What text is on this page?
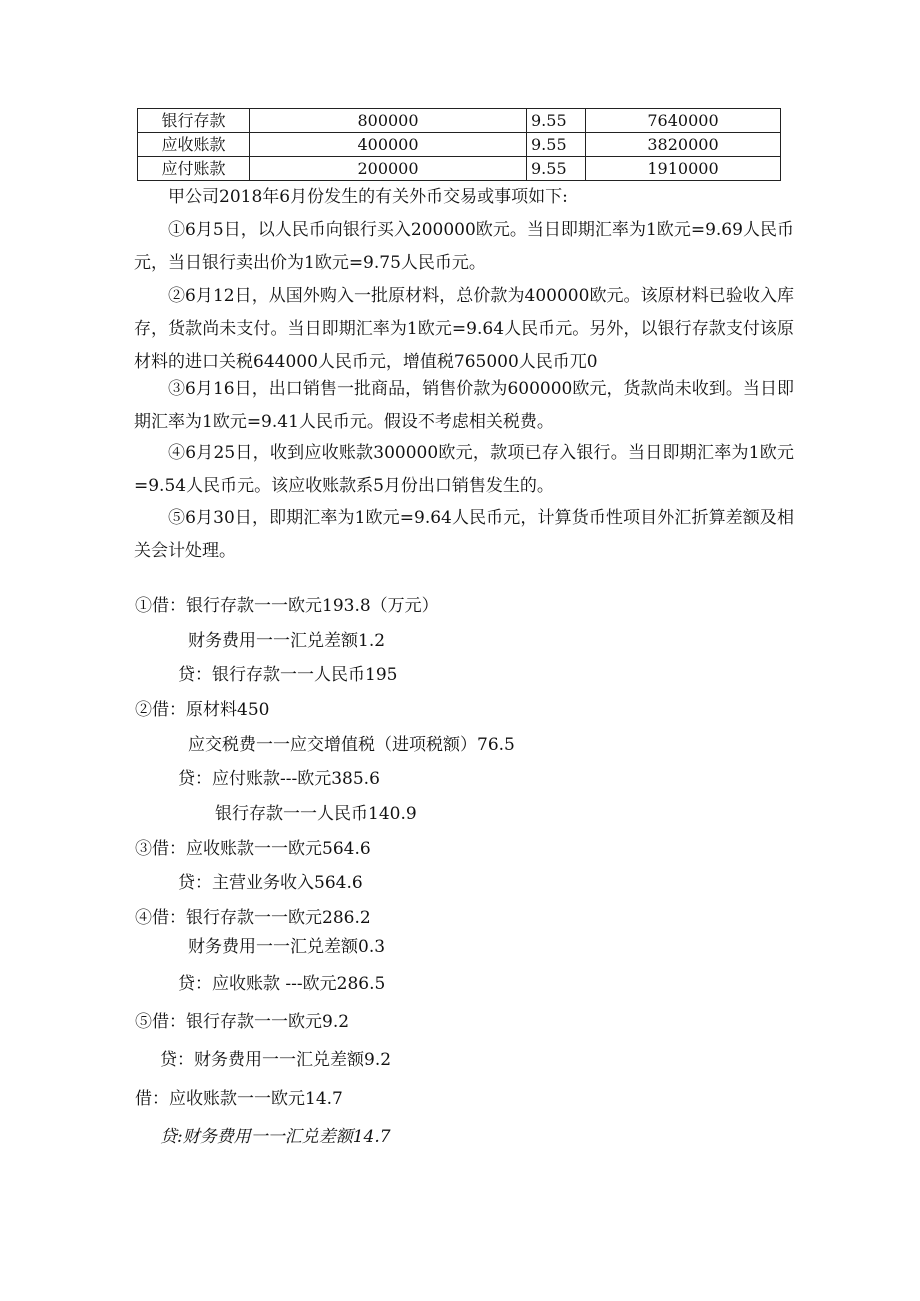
银行存款	800000	9.55	7640000
应收账款	400000	9.55	3820000
应付账款	200000	9.55	1910000

甲公司2018年6月份发生的有关外币交易或事项如下:

①6月5日，以人民币向银行买入200000欧元。当日即期汇率为1欧元=9.69人民币元，当日银行卖出价为1欧元=9.75人民币元。

②6月12日，从国外购入一批原材料，总价款为400000欧元。该原材料已验收入库存，货款尚未支付。当日即期汇率为1欧元=9.64人民币元。另外，以银行存款支付该原材料的进口关税644000人民币元，增值税765000人民币兀0

③6月16日，出口销售一批商品，销售价款为600000欧元，货款尚未收到。当日即期汇率为1欧元=9.41人民币元。假设不考虑相关税费。

④6月25日，收到应收账款300000欧元，款项已存入银行。当日即期汇率为1欧元=9.54人民币元。该应收账款系5月份出口销售发生的。

⑤6月30日，即期汇率为1欧元=9.64人民币元，计算货币性项目外汇折算差额及相关会计处理。

①借：银行存款一一欧元193.8（万元）

财务费用一一汇兑差额1.2

贷：银行存款一一人民币195

②借：原材料450

应交税费一一应交增值税（进项税额）76.5

贷：应付账款---欧元385.6

银行存款一一人民币140.9

③借：应收账款一一欧元564.6

贷：主营业务收入564.6

④借：银行存款一一欧元286.2

财务费用一一汇兑差额0.3

贷：应收账款 ---欧元286.5

⑤借：银行存款一一欧元9.2

贷：财务费用一一汇兑差额9.2

借：应收账款一一欧元14.7

贷:财务费用一一汇兑差额14.7
